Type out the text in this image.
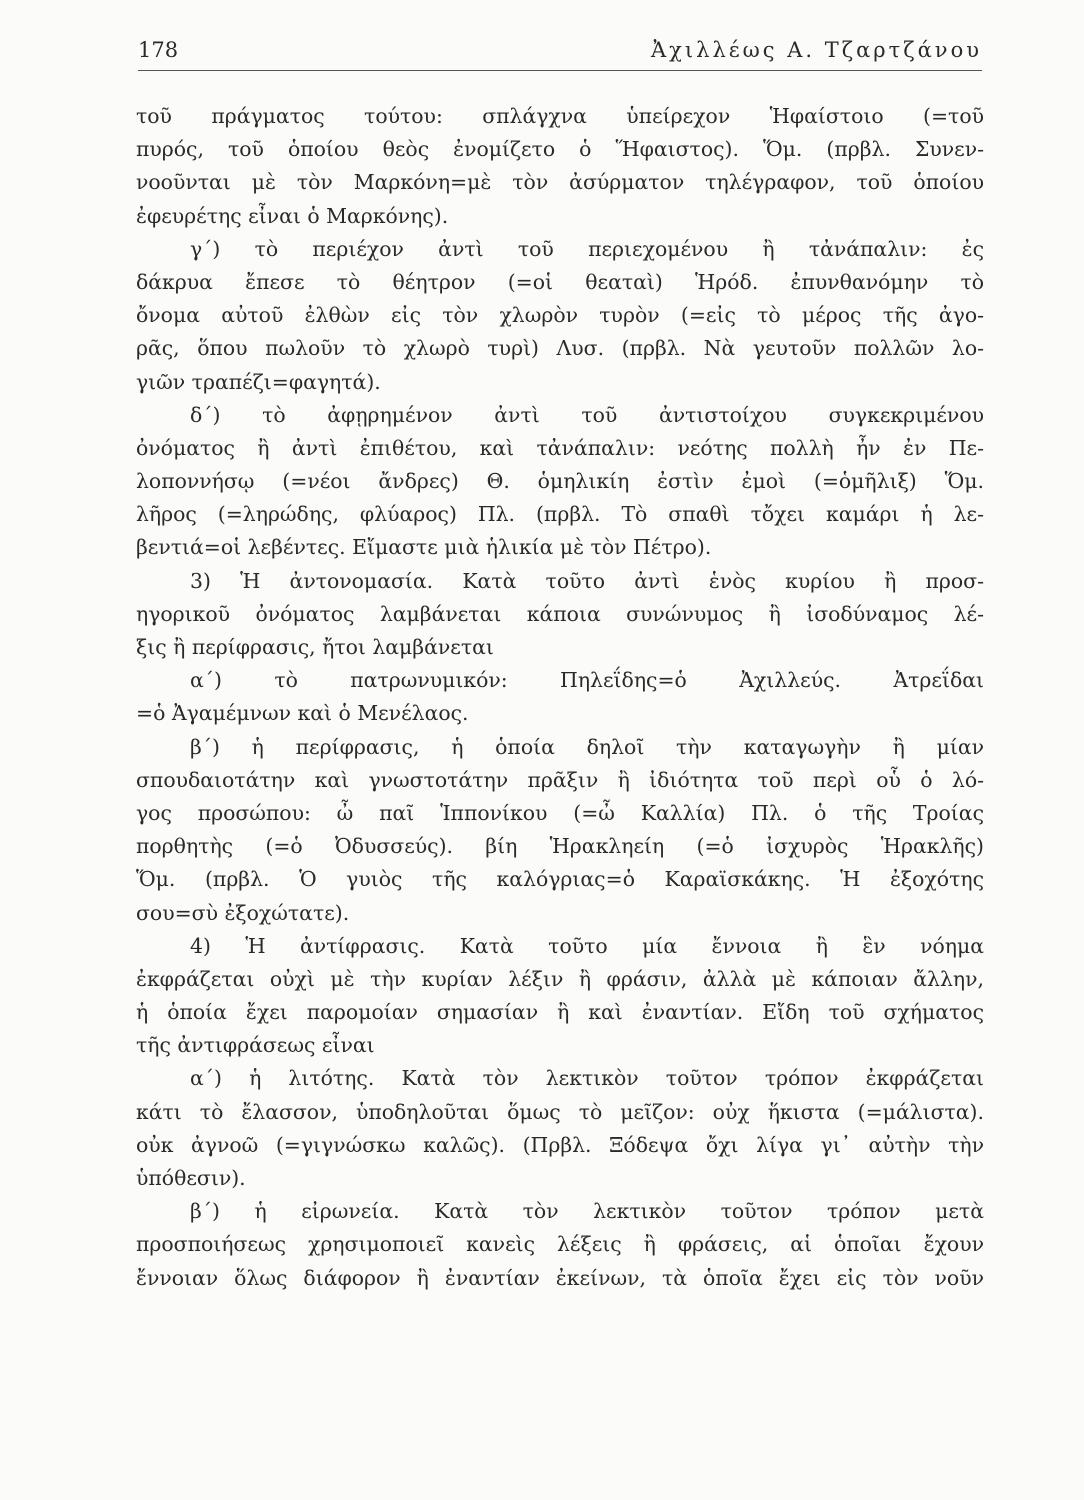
178	Ἀχιλλέως Α. Τζαρτζάνου
τοῦ πράγματος τούτου: σπλάγχνα ὑπείρεχον Ἡφαίστοιο (=τοῦ
πυρός, τοῦ ὁποίου θεὸς ἐνομίζετο ὁ Ἥφαιστος). Ὅμ. (πρβλ. Συνεν-
νοοῦνται μὲ τὸν Μαρκόνη=μὲ τὸν ἀσύρματον τηλέγραφον, τοῦ ὁποίου
ἐφευρέτης εἶναι ὁ Μαρκόνης).
γ΄) τὸ περιέχον ἀντὶ τοῦ περιεχομένου ἢ τἀνάπαλιν: ἐς
δάκρυα ἔπεσε τὸ θέητρον (=οἱ θεαταὶ) Ἡρόδ. ἐπυνθανόμην τὸ
ὄνομα αὐτοῦ ἐλθὼν εἰς τὸν χλωρὸν τυρὸν (=εἰς τὸ μέρος τῆς ἀγο-
ρᾶς, ὅπου πωλοῦν τὸ χλωρὸ τυρὶ) Λυσ. (πρβλ. Νὰ γευτοῦν πολλῶν λο-
γιῶν τραπέζι=φαγητά).
δ΄) τὸ ἀφῃρημένον ἀντὶ τοῦ ἀντιστοίχου συγκεκριμένου
ὀνόματος ἢ ἀντὶ ἐπιθέτου, καὶ τἀνάπαλιν: νεότης πολλὴ ἦν ἐν Πε-
λοποννήσῳ (=νέοι ἄνδρες) Θ. ὁμηλικίη ἐστὶν ἐμοὶ (=ὁμῆλιξ) Ὅμ.
λῆρος (=ληρώδης, φλύαρος) Πλ. (πρβλ. Τὸ σπαθὶ τὄχει καμάρι ἡ λε-
βεντιά=οἱ λεβέντες. Εἴμαστε μιὰ ἡλικία μὲ τὸν Πέτρο).
3) Ἡ ἀντονομασία. Κατὰ τοῦτο ἀντὶ ἑνὸς κυρίου ἢ προσ-
ηγορικοῦ ὀνόματος λαμβάνεται κάποια συνώνυμος ἢ ἰσοδύναμος λέ-
ξις ἢ περίφρασις, ἤτοι λαμβάνεται
α΄) τὸ πατρωνυμικόν: Πηλεΐδης=ὁ Ἀχιλλεύς. Ἀτρεΐδαι
=ὁ Ἀγαμέμνων καὶ ὁ Μενέλαος.
β΄) ἡ περίφρασις, ἡ ὁποία δηλοῖ τὴν καταγωγὴν ἢ μίαν
σπουδαιοτάτην καὶ γνωστοτάτην πρᾶξιν ἢ ἰδιότητα τοῦ περὶ οὗ ὁ λό-
γος προσώπου: ὦ παῖ Ἱππονίκου (=ὦ Καλλία) Πλ. ὁ τῆς Τροίας
πορθητὴς (=ὁ Ὀδυσσεύς). βίη Ἡρακληείη (=ὁ ἰσχυρὸς Ἡρακλῆς)
Ὅμ. (πρβλ. Ὁ γυιὸς τῆς καλόγριας=ὁ Καραϊσκάκης. Ἡ ἐξοχότης
σου=σὺ ἐξοχώτατε).
4) Ἡ ἀντίφρασις. Κατὰ τοῦτο μία ἔννοια ἢ ἓν νόημα
ἐκφράζεται οὐχὶ μὲ τὴν κυρίαν λέξιν ἢ φράσιν, ἀλλὰ μὲ κάποιαν ἄλλην,
ἡ ὁποία ἔχει παρομοίαν σημασίαν ἢ καὶ ἐναντίαν. Εἴδη τοῦ σχήματος
τῆς ἀντιφράσεως εἶναι
α΄) ἡ λιτότης. Κατὰ τὸν λεκτικὸν τοῦτον τρόπον ἐκφράζεται
κάτι τὸ ἔλασσον, ὑποδηλοῦται ὅμως τὸ μεῖζον: οὐχ ἥκιστα (=μάλιστα).
οὐκ ἀγνοῶ (=γιγνώσκω καλῶς). (Πρβλ. Ξόδεψα ὄχι λίγα γι᾿ αὐτὴν τὴν
ὑπόθεσιν).
β΄) ἡ εἰρωνεία. Κατὰ τὸν λεκτικὸν τοῦτον τρόπον μετὰ
προσποιήσεως χρησιμοποιεῖ κανεὶς λέξεις ἢ φράσεις, αἱ ὁποῖαι ἔχουν
ἔννοιαν ὅλως διάφορον ἢ ἐναντίαν ἐκείνων, τὰ ὁποῖα ἔχει εἰς τὸν νοῦν
